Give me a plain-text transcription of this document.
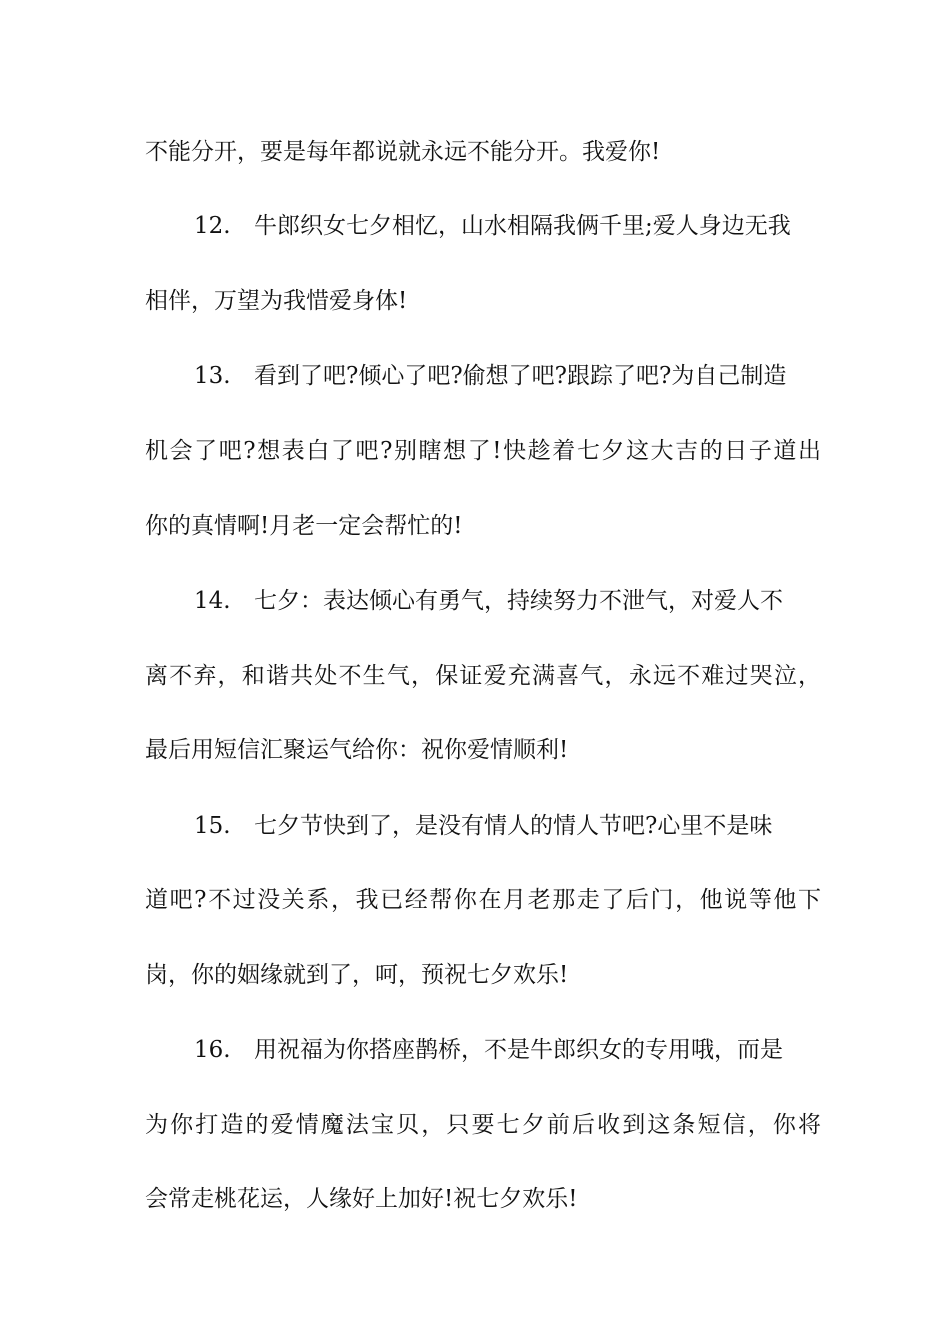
不能分开，要是每年都说就永远不能分开。我爱你!
12. 牛郎织女七夕相忆，山水相隔我俩千里;爱人身边无我
相伴，万望为我惜爱身体!
13. 看到了吧?倾心了吧?偷想了吧?跟踪了吧?为自己制造
机会了吧?想表白了吧?别瞎想了!快趁着七夕这大吉的日子道出
你的真情啊!月老一定会帮忙的!
14. 七夕：表达倾心有勇气，持续努力不泄气，对爱人不
离不弃，和谐共处不生气，保证爱充满喜气，永远不难过哭泣，
最后用短信汇聚运气给你：祝你爱情顺利!
15. 七夕节快到了，是没有情人的情人节吧?心里不是味
道吧?不过没关系，我已经帮你在月老那走了后门，他说等他下
岗，你的姻缘就到了，呵，预祝七夕欢乐!
16. 用祝福为你搭座鹊桥，不是牛郎织女的专用哦，而是
为你打造的爱情魔法宝贝，只要七夕前后收到这条短信，你将
会常走桃花运，人缘好上加好!祝七夕欢乐!
